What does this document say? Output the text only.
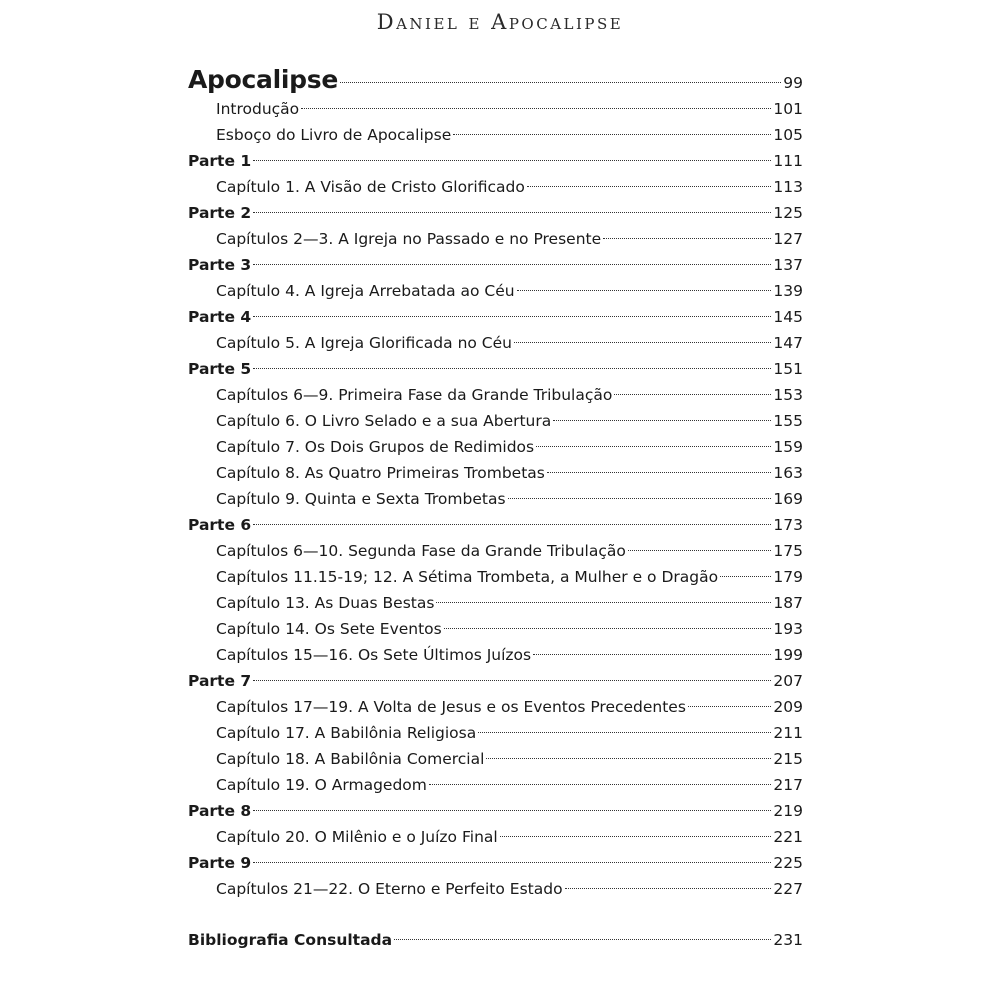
Daniel e Apocalipse
Apocalipse	99
Introdução	101
Esboço do Livro de Apocalipse	105
Parte 1	111
Capítulo 1. A Visão de Cristo Glorificado	113
Parte 2	125
Capítulos 2—3. A Igreja no Passado e no Presente	127
Parte 3	137
Capítulo 4. A Igreja Arrebatada ao Céu	139
Parte 4	145
Capítulo 5. A Igreja Glorificada no Céu	147
Parte 5	151
Capítulos 6—9. Primeira Fase da Grande Tribulação	153
Capítulo 6. O Livro Selado e a sua Abertura	155
Capítulo 7. Os Dois Grupos de Redimidos	159
Capítulo 8. As Quatro Primeiras Trombetas	163
Capítulo 9. Quinta e Sexta Trombetas	169
Parte 6	173
Capítulos 6—10. Segunda Fase da Grande Tribulação	175
Capítulos 11.15-19; 12. A Sétima Trombeta, a Mulher e o Dragão	179
Capítulo 13. As Duas Bestas	187
Capítulo 14. Os Sete Eventos	193
Capítulos 15—16. Os Sete Últimos Juízos	199
Parte 7	207
Capítulos 17—19. A Volta de Jesus e os Eventos Precedentes	209
Capítulo 17. A Babilônia Religiosa	211
Capítulo 18. A Babilônia Comercial	215
Capítulo 19. O Armagedom	217
Parte 8	219
Capítulo 20. O Milênio e o Juízo Final	221
Parte 9	225
Capítulos 21—22. O Eterno e Perfeito Estado	227
Bibliografia Consultada	231
